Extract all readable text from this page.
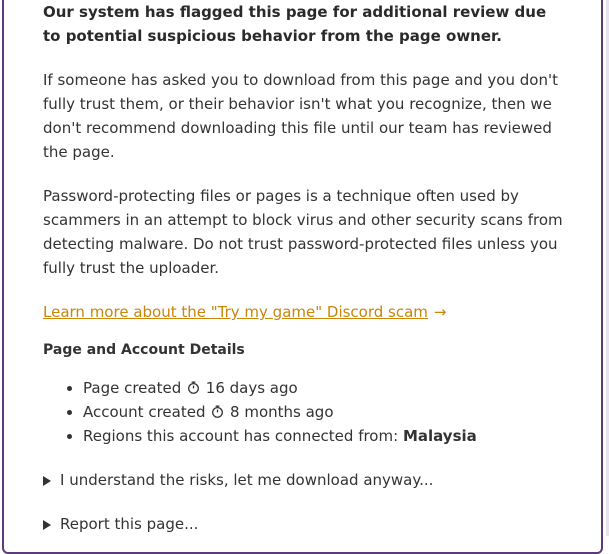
Our system has flagged this page for additional review due to potential suspicious behavior from the page owner.

If someone has asked you to download from this page and you don't fully trust them, or their behavior isn't what you recognize, then we don't recommend downloading this file until our team has reviewed the page.

Password-protecting files or pages is a technique often used by scammers in an attempt to block virus and other security scans from detecting malware. Do not trust password-protected files unless you fully trust the uploader.

Learn more about the "Try my game" Discord scam →

Page and Account Details
• Page created 16 days ago
• Account created 8 months ago
• Regions this account has connected from: Malaysia
I understand the risks, let me download anyway...
Report this page...
